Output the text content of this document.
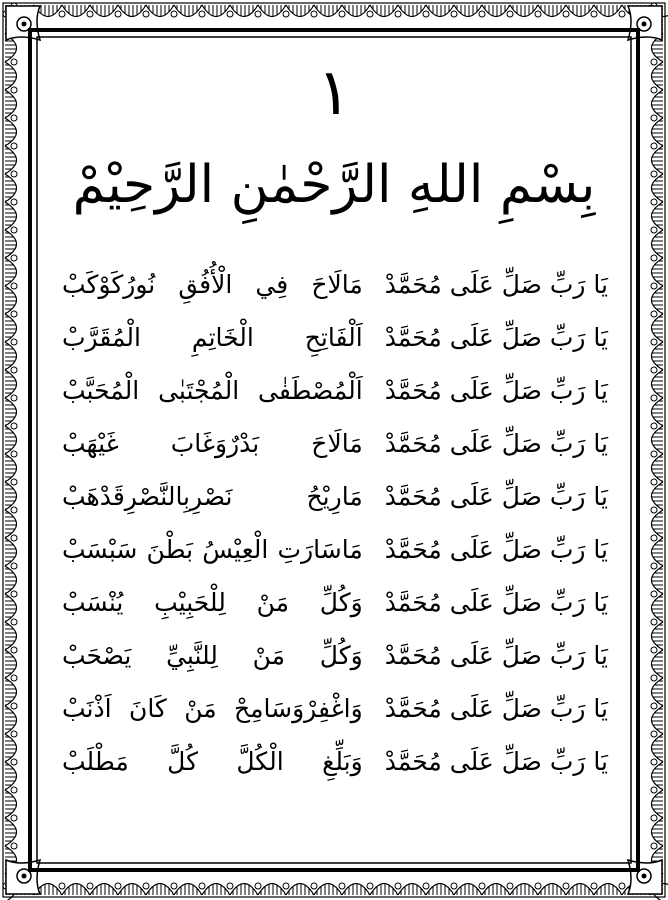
١
بِسْمِ اللهِ الرَّحْمٰنِ الرَّحِيْمْ
يَا رَبِّ صَلِّ عَلَى مُحَمَّدْ
مَالَاحَ فِي الْأُفُقِ نُورُكَوْكَبْ
يَا رَبِّ صَلِّ عَلَى مُحَمَّدْ
اَلْفَاتِحِ الْخَاتِمِ الْمُقَرَّبْ
يَا رَبِّ صَلِّ عَلَى مُحَمَّدْ
اَلْمُصْطَفٰى الْمُجْتَبٰى الْمُحَبَّبْ
يَا رَبِّ صَلِّ عَلَى مُحَمَّدْ
مَالَاحَ بَدْرٌوَغَابَ غَيْهَبْ
يَا رَبِّ صَلِّ عَلَى مُحَمَّدْ
مَارِيْحُ نَصْرِبِالنَّصْرِقَدْهَبْ
يَا رَبِّ صَلِّ عَلَى مُحَمَّدْ
مَاسَارَتِ الْعِيْسُ بَطْنَ سَبْسَبْ
يَا رَبِّ صَلِّ عَلَى مُحَمَّدْ
وَكُلِّ مَنْ لِلْحَبِيْبِ يُنْسَبْ
يَا رَبِّ صَلِّ عَلَى مُحَمَّدْ
وَكُلِّ مَنْ لِلنَّبِيِّ يَصْحَبْ
يَا رَبِّ صَلِّ عَلَى مُحَمَّدْ
وَاغْفِرْوَسَامِحْ مَنْ كَانَ اَذْنَبْ
يَا رَبِّ صَلِّ عَلَى مُحَمَّدْ
وَبَلِّغِ الْكُلَّ كُلَّ مَطْلَبْ
